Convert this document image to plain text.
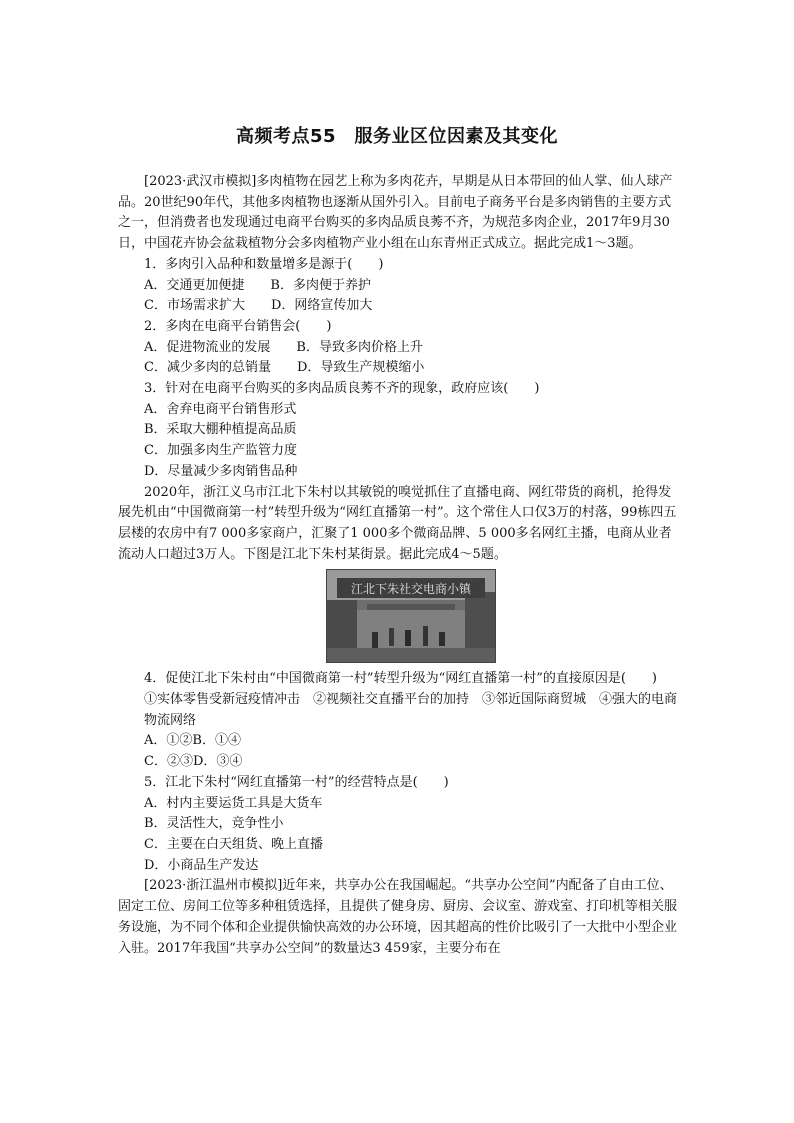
高频考点55　服务业区位因素及其变化

[2023·武汉市模拟]多肉植物在园艺上称为多肉花卉，早期是从日本带回的仙人掌、仙人球产品。20世纪90年代，其他多肉植物也逐渐从国外引入。目前电子商务平台是多肉销售的主要方式之一，但消费者也发现通过电商平台购买的多肉品质良莠不齐，为规范多肉企业，2017年9月30日，中国花卉协会盆栽植物分会多肉植物产业小组在山东青州正式成立。据此完成1～3题。

1．多肉引入品种和数量增多是源于(　　)

A．交通更加便捷　　B．多肉便于养护

C．市场需求扩大　　D．网络宣传加大

2．多肉在电商平台销售会(　　)

A．促进物流业的发展　　B．导致多肉价格上升

C．减少多肉的总销量　　D．导致生产规模缩小

3．针对在电商平台购买的多肉品质良莠不齐的现象，政府应该(　　)

A．舍弃电商平台销售形式

B．采取大棚种植提高品质

C．加强多肉生产监管力度

D．尽量减少多肉销售品种

2020年，浙江义乌市江北下朱村以其敏锐的嗅觉抓住了直播电商、网红带货的商机，抢得发展先机由“中国微商第一村”转型升级为“网红直播第一村”。这个常住人口仅3万的村落，99栋四五层楼的农房中有7 000多家商户，汇聚了1 000多个微商品牌、5 000多名网红主播，电商从业者流动人口超过3万人。下图是江北下朱村某街景。据此完成4～5题。

江北下朱社交电商小镇

4．促使江北下朱村由“中国微商第一村”转型升级为“网红直播第一村”的直接原因是(　　)

①实体零售受新冠疫情冲击　②视频社交直播平台的加持　③邻近国际商贸城　④强大的电商物流网络

A．①②B．①④

C．②③D．③④

5．江北下朱村“网红直播第一村”的经营特点是(　　)

A．村内主要运货工具是大货车

B．灵活性大，竞争性小

C．主要在白天组货、晚上直播

D．小商品生产发达

[2023·浙江温州市模拟]近年来，共享办公在我国崛起。“共享办公空间”内配备了自由工位、固定工位、房间工位等多种租赁选择，且提供了健身房、厨房、会议室、游戏室、打印机等相关服务设施，为不同个体和企业提供愉快高效的办公环境，因其超高的性价比吸引了一大批中小型企业入驻。2017年我国“共享办公空间”的数量达3 459家，主要分布在
